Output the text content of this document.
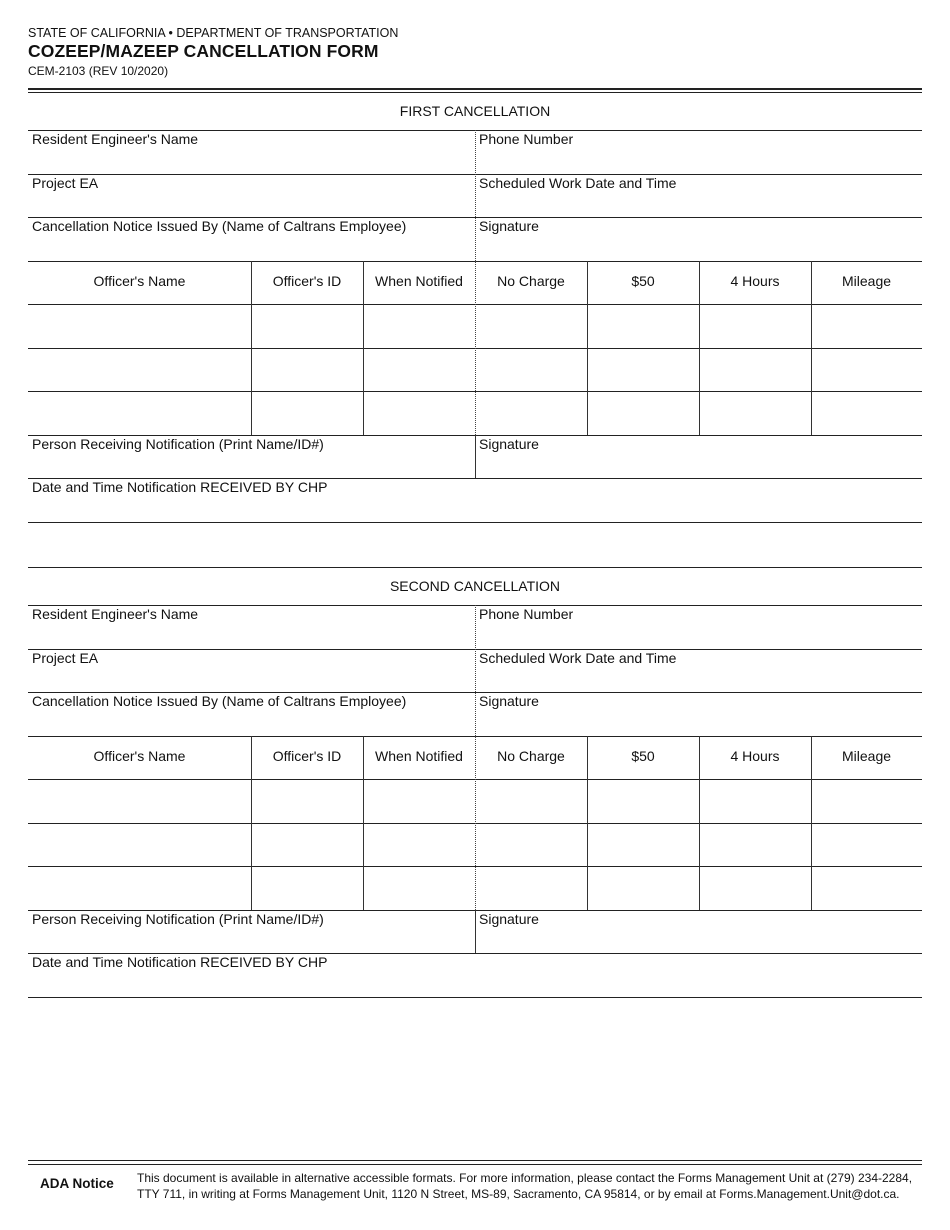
STATE OF CALIFORNIA • DEPARTMENT OF TRANSPORTATION
COZEEP/MAZEEP CANCELLATION FORM
CEM-2103 (REV 10/2020)
FIRST CANCELLATION
Resident Engineer's Name	Phone Number
Project EA	Scheduled Work Date and Time
Cancellation Notice Issued By (Name of Caltrans Employee)	Signature
Officer's Name	Officer's ID	When Notified	No Charge	$50	4 Hours	Mileage
Person Receiving Notification (Print Name/ID#)	Signature
Date and Time Notification RECEIVED BY CHP
SECOND CANCELLATION
Resident Engineer's Name	Phone Number
Project EA	Scheduled Work Date and Time
Cancellation Notice Issued By (Name of Caltrans Employee)	Signature
Officer's Name	Officer's ID	When Notified	No Charge	$50	4 Hours	Mileage
Person Receiving Notification (Print Name/ID#)	Signature
Date and Time Notification RECEIVED BY CHP
ADA Notice This document is available in alternative accessible formats. For more information, please contact the Forms Management Unit at (279) 234-2284,
TTY 711, in writing at Forms Management Unit, 1120 N Street, MS-89, Sacramento, CA 95814, or by email at Forms.Management.Unit@dot.ca.
